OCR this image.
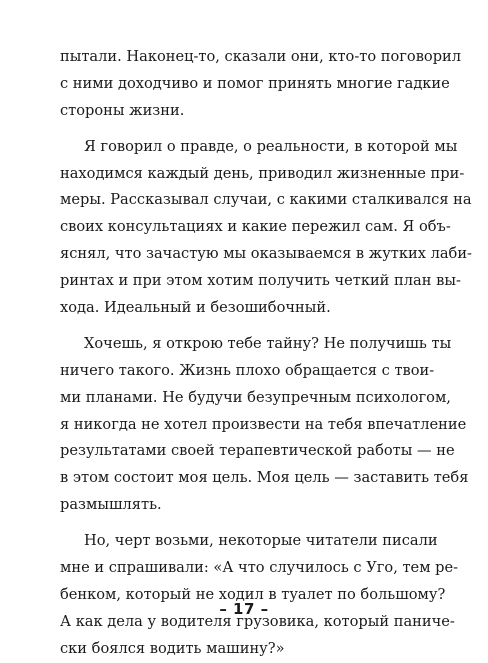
пытали. Наконец-то, сказали они, кто-то поговорил
с ними доходчиво и помог принять многие гадкие
стороны жизни.
Я говорил о правде, о реальности, в которой мы
находимся каждый день, приводил жизненные при-
меры. Рассказывал случаи, с какими сталкивался на
своих консультациях и какие пережил сам. Я объ-
яснял, что зачастую мы оказываемся в жутких лаби-
ринтах и при этом хотим получить четкий план вы-
хода. Идеальный и безошибочный.
Хочешь, я открою тебе тайну? Не получишь ты
ничего такого. Жизнь плохо обращается с твои-
ми планами. Не будучи безупречным психологом,
я никогда не хотел произвести на тебя впечатление
результатами своей терапевтической работы — не
в этом состоит моя цель. Моя цель — заставить тебя
размышлять.
Но, черт возьми, некоторые читатели писали
мне и спрашивали: «А что случилось с Уго, тем ре-
бенком, который не ходил в туалет по большому?
А как дела у водителя грузовика, который паниче-
ски боялся водить машину?»
– 17 –
